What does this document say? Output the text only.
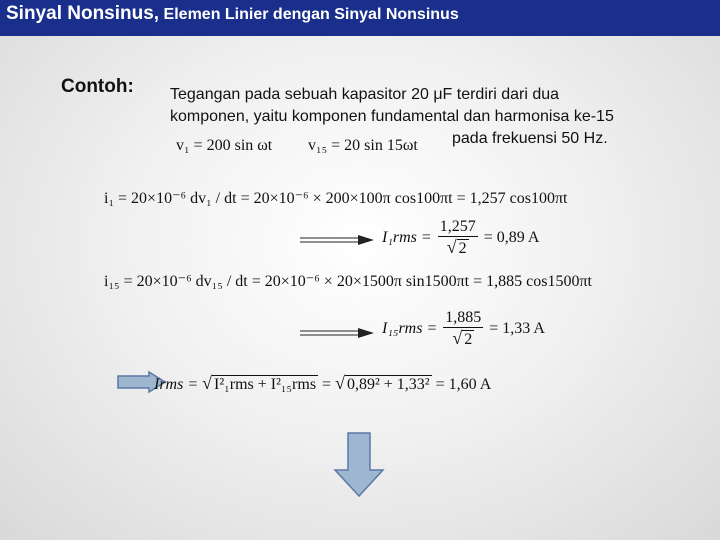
Sinyal Nonsinus, Elemen Linier dengan Sinyal Nonsinus
Contoh: Tegangan pada sebuah kapasitor 20 μF terdiri dari dua
komponen, yaitu komponen fundamental dan harmonisa ke-15
pada frekuensi 50 Hz.
v₁ = 200 sin ωt v₁₅ = 20 sin 15ωt
i₁ = 20×10⁻⁶ dv₁ / dt = 20×10⁻⁶ × 200×100π cos100πt = 1,257 cos100πt
$I_1rms = \frac{1,257}{√ 2} = 0,89$ A
i₁₅ = 20×10⁻⁶ dv₁₅ / dt = 20×10⁻⁶ × 20×1500π sin1500πt = 1,885 cos1500πt
$I_{15}rms = \frac{1,885}{√ 2} = 1,33$ A
Irms = √ I²₁rms + I²₁₅rms = √ 0,89² + 1,33² = 1,60 A
